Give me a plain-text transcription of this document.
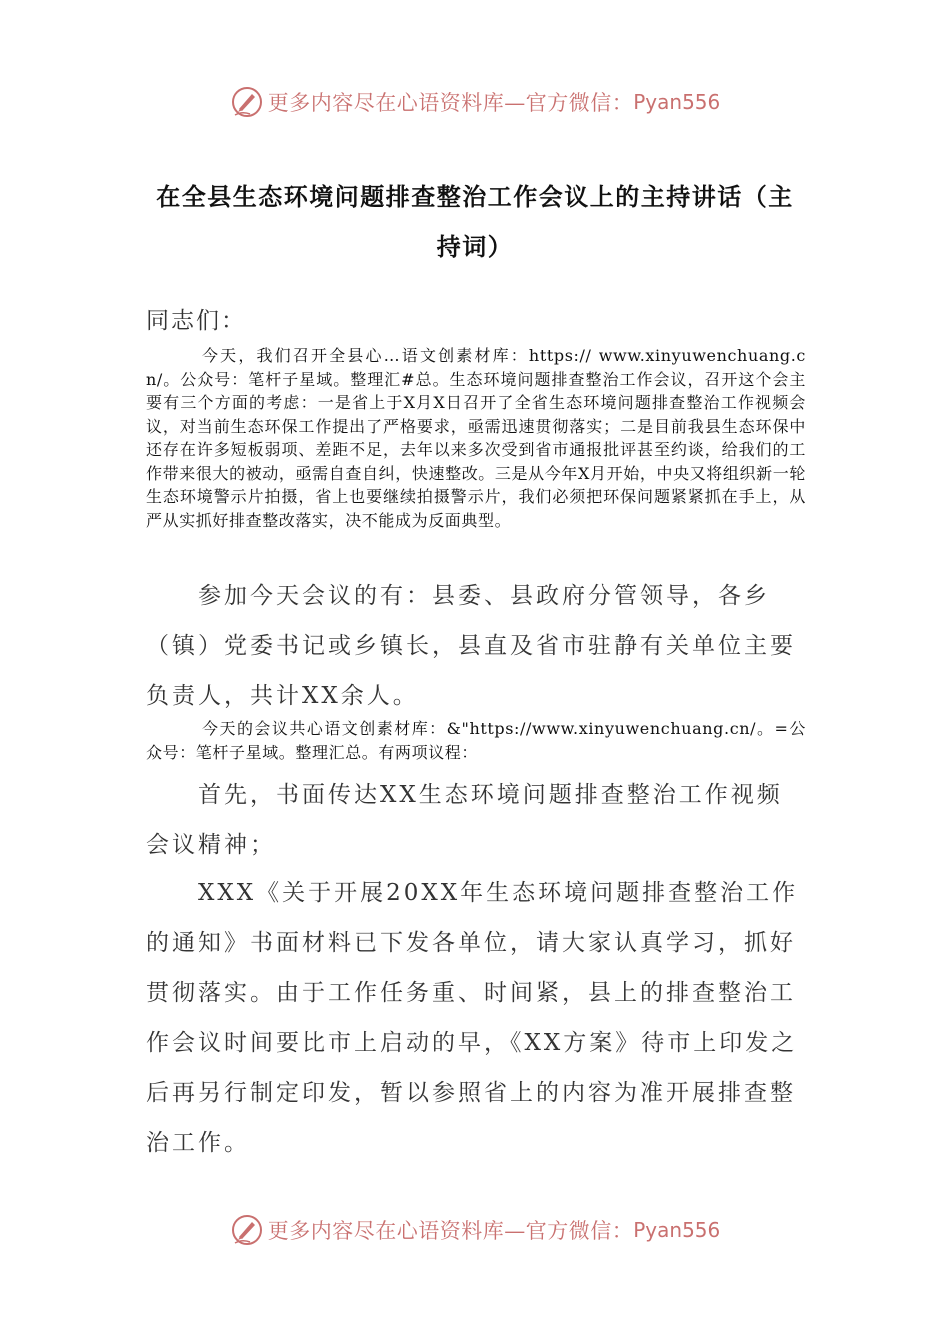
更多内容尽在心语资料库—官方微信： Pyan556
在全县生态环境问题排查整治工作会议上的主持讲话（主持词）
同志们：
今天，我们召开全县心…语文创素材库：https:// www.xinyuwenchuang.cn/。公众号：笔杆子星域。整理汇#总。生态环境问题排查整治工作会议，召开这个会主要有三个方面的考虑：一是省上于X月X日召开了全省生态环境问题排查整治工作视频会议，对当前生态环保工作提出了严格要求，亟需迅速贯彻落实；二是目前我县生态环保中还存在许多短板弱项、差距不足，去年以来多次受到省市通报批评甚至约谈，给我们的工作带来很大的被动，亟需自查自纠，快速整改。三是从今年X月开始，中央又将组织新一轮生态环境警示片拍摄，省上也要继续拍摄警示片，我们必须把环保问题紧紧抓在手上，从严从实抓好排查整改落实，决不能成为反面典型。
参加今天会议的有：县委、县政府分管领导，各乡（镇）党委书记或乡镇长，县直及省市驻静有关单位主要负责人，共计XX余人。
今天的会议共心语文创素材库：&"https://www.xinyuwenchuang.cn/。=公众号：笔杆子星域。整理汇总。有两项议程：
首先，书面传达XX生态环境问题排查整治工作视频会议精神；
XXX《关于开展20XX年生态环境问题排查整治工作的通知》书面材料已下发各单位，请大家认真学习，抓好贯彻落实。由于工作任务重、时间紧，县上的排查整治工作会议时间要比市上启动的早，《XX方案》待市上印发之后再另行制定印发，暂以参照省上的内容为准开展排查整治工作。
更多内容尽在心语资料库—官方微信： Pyan556
